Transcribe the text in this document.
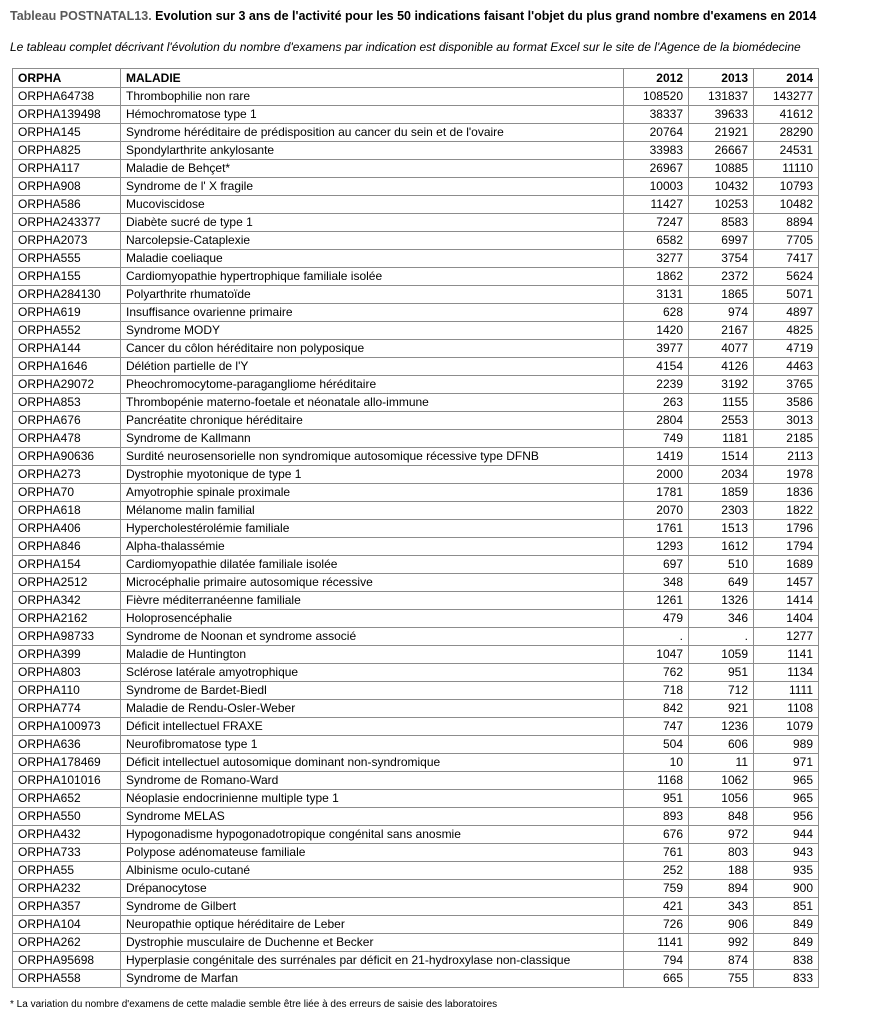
Tableau POSTNATAL13. Evolution sur 3 ans de l'activité pour les 50 indications faisant l'objet du plus grand nombre d'examens en 2014
Le tableau complet décrivant l'évolution du nombre d'examens par indication est disponible au format Excel sur le site de l'Agence de la biomédecine
ORPHA	MALADIE	2012	2013	2014
ORPHA64738	Thrombophilie non rare	108520	131837	143277
ORPHA139498	Hémochromatose type 1	38337	39633	41612
ORPHA145	Syndrome héréditaire de prédisposition au cancer du sein et de l'ovaire	20764	21921	28290
ORPHA825	Spondylarthrite ankylosante	33983	26667	24531
ORPHA117	Maladie de Behçet*	26967	10885	11110
ORPHA908	Syndrome de l' X fragile	10003	10432	10793
ORPHA586	Mucoviscidose	11427	10253	10482
ORPHA243377	Diabète sucré de type 1	7247	8583	8894
ORPHA2073	Narcolepsie-Cataplexie	6582	6997	7705
ORPHA555	Maladie coeliaque	3277	3754	7417
ORPHA155	Cardiomyopathie hypertrophique familiale isolée	1862	2372	5624
ORPHA284130	Polyarthrite rhumatoïde	3131	1865	5071
ORPHA619	Insuffisance ovarienne primaire	628	974	4897
ORPHA552	Syndrome MODY	1420	2167	4825
ORPHA144	Cancer du côlon héréditaire non polyposique	3977	4077	4719
ORPHA1646	Délétion partielle de l'Y	4154	4126	4463
ORPHA29072	Pheochromocytome-paragangliome héréditaire	2239	3192	3765
ORPHA853	Thrombopénie materno-foetale et néonatale allo-immune	263	1155	3586
ORPHA676	Pancréatite chronique héréditaire	2804	2553	3013
ORPHA478	Syndrome de Kallmann	749	1181	2185
ORPHA90636	Surdité neurosensorielle non syndromique autosomique récessive type DFNB	1419	1514	2113
ORPHA273	Dystrophie myotonique de type 1	2000	2034	1978
ORPHA70	Amyotrophie spinale proximale	1781	1859	1836
ORPHA618	Mélanome malin familial	2070	2303	1822
ORPHA406	Hypercholestérolémie familiale	1761	1513	1796
ORPHA846	Alpha-thalassémie	1293	1612	1794
ORPHA154	Cardiomyopathie dilatée familiale isolée	697	510	1689
ORPHA2512	Microcéphalie primaire autosomique récessive	348	649	1457
ORPHA342	Fièvre méditerranéenne familiale	1261	1326	1414
ORPHA2162	Holoprosencéphalie	479	346	1404
ORPHA98733	Syndrome de Noonan et syndrome associé	.	.	1277
ORPHA399	Maladie de Huntington	1047	1059	1141
ORPHA803	Sclérose latérale amyotrophique	762	951	1134
ORPHA110	Syndrome de Bardet-Biedl	718	712	1111
ORPHA774	Maladie de Rendu-Osler-Weber	842	921	1108
ORPHA100973	Déficit intellectuel FRAXE	747	1236	1079
ORPHA636	Neurofibromatose type 1	504	606	989
ORPHA178469	Déficit intellectuel autosomique dominant non-syndromique	10	11	971
ORPHA101016	Syndrome de Romano-Ward	1168	1062	965
ORPHA652	Néoplasie endocrinienne multiple type 1	951	1056	965
ORPHA550	Syndrome MELAS	893	848	956
ORPHA432	Hypogonadisme hypogonadotropique congénital sans anosmie	676	972	944
ORPHA733	Polypose adénomateuse familiale	761	803	943
ORPHA55	Albinisme oculo-cutané	252	188	935
ORPHA232	Drépanocytose	759	894	900
ORPHA357	Syndrome de Gilbert	421	343	851
ORPHA104	Neuropathie optique héréditaire de Leber	726	906	849
ORPHA262	Dystrophie musculaire de Duchenne et Becker	1141	992	849
ORPHA95698	Hyperplasie congénitale des surrénales par déficit en 21-hydroxylase non-classique	794	874	838
ORPHA558	Syndrome de Marfan	665	755	833
* La variation du nombre d'examens de cette maladie semble être liée à des erreurs de saisie des laboratoires
